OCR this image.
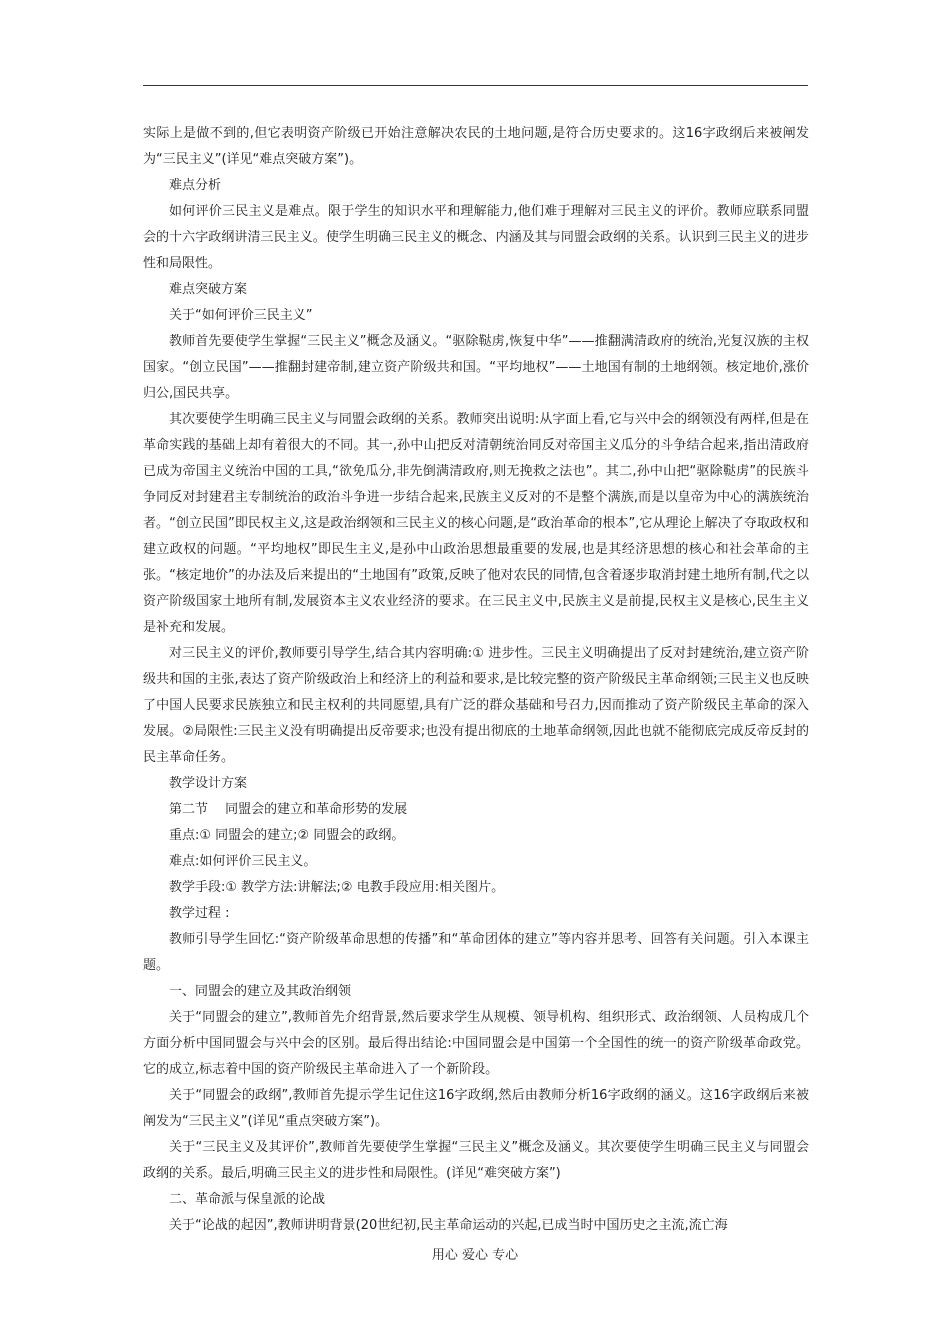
实际上是做不到的,但它表明资产阶级已开始注意解决农民的土地问题,是符合历史要求的。这16字政纲后来被阐发为“三民主义”(详见“难点突破方案”)。

难点分析

如何评价三民主义是难点。限于学生的知识水平和理解能力,他们难于理解对三民主义的评价。教师应联系同盟会的十六字政纲讲清三民主义。使学生明确三民主义的概念、内涵及其与同盟会政纲的关系。认识到三民主义的进步性和局限性。

难点突破方案

关于“如何评价三民主义”

教师首先要使学生掌握“三民主义”概念及涵义。“驱除鞑虏,恢复中华”——推翻满清政府的统治,光复汉族的主权国家。“创立民国”——推翻封建帝制,建立资产阶级共和国。“平均地权”——土地国有制的土地纲领。核定地价,涨价归公,国民共享。

其次要使学生明确三民主义与同盟会政纲的关系。教师突出说明:从字面上看,它与兴中会的纲领没有两样,但是在革命实践的基础上却有着很大的不同。其一,孙中山把反对清朝统治同反对帝国主义瓜分的斗争结合起来,指出清政府已成为帝国主义统治中国的工具,“欲免瓜分,非先倒满清政府,则无挽救之法也”。其二,孙中山把“驱除鞑虏”的民族斗争同反对封建君主专制统治的政治斗争进一步结合起来,民族主义反对的不是整个满族,而是以皇帝为中心的满族统治者。“创立民国”即民权主义,这是政治纲领和三民主义的核心问题,是“政治革命的根本”,它从理论上解决了夺取政权和建立政权的问题。“平均地权”即民生主义,是孙中山政治思想最重要的发展,也是其经济思想的核心和社会革命的主张。“核定地价”的办法及后来提出的“土地国有”政策,反映了他对农民的同情,包含着逐步取消封建土地所有制,代之以资产阶级国家土地所有制,发展资本主义农业经济的要求。在三民主义中,民族主义是前提,民权主义是核心,民生主义是补充和发展。

对三民主义的评价,教师要引导学生,结合其内容明确:① 进步性。三民主义明确提出了反对封建统治,建立资产阶级共和国的主张,表达了资产阶级政治上和经济上的利益和要求,是比较完整的资产阶级民主革命纲领;三民主义也反映了中国人民要求民族独立和民主权利的共同愿望,具有广泛的群众基础和号召力,因而推动了资产阶级民主革命的深入发展。②局限性:三民主义没有明确提出反帝要求;也没有提出彻底的土地革命纲领,因此也就不能彻底完成反帝反封的民主革命任务。

教学设计方案

第二节　 同盟会的建立和革命形势的发展

重点:① 同盟会的建立;② 同盟会的政纲。

难点:如何评价三民主义。

教学手段:① 教学方法:讲解法;② 电教手段应用:相关图片。

教学过程 :

教师引导学生回忆:“资产阶级革命思想的传播”和“革命团体的建立”等内容并思考、回答有关问题。引入本课主题。

一、同盟会的建立及其政治纲领

关于“同盟会的建立”,教师首先介绍背景,然后要求学生从规模、领导机构、组织形式、政治纲领、人员构成几个方面分析中国同盟会与兴中会的区别。最后得出结论:中国同盟会是中国第一个全国性的统一的资产阶级革命政党。它的成立,标志着中国的资产阶级民主革命进入了一个新阶段。

关于“同盟会的政纲”,教师首先提示学生记住这16字政纲,然后由教师分析16字政纲的涵义。这16字政纲后来被阐发为“三民主义”(详见“重点突破方案”)。

关于“三民主义及其评价”,教师首先要使学生掌握“三民主义”概念及涵义。其次要使学生明确三民主义与同盟会政纲的关系。最后,明确三民主义的进步性和局限性。(详见“难突破方案”)

二、革命派与保皇派的论战

关于“论战的起因”,教师讲明背景(20世纪初,民主革命运动的兴起,已成当时中国历史之主流,流亡海

用心 爱心 专心
